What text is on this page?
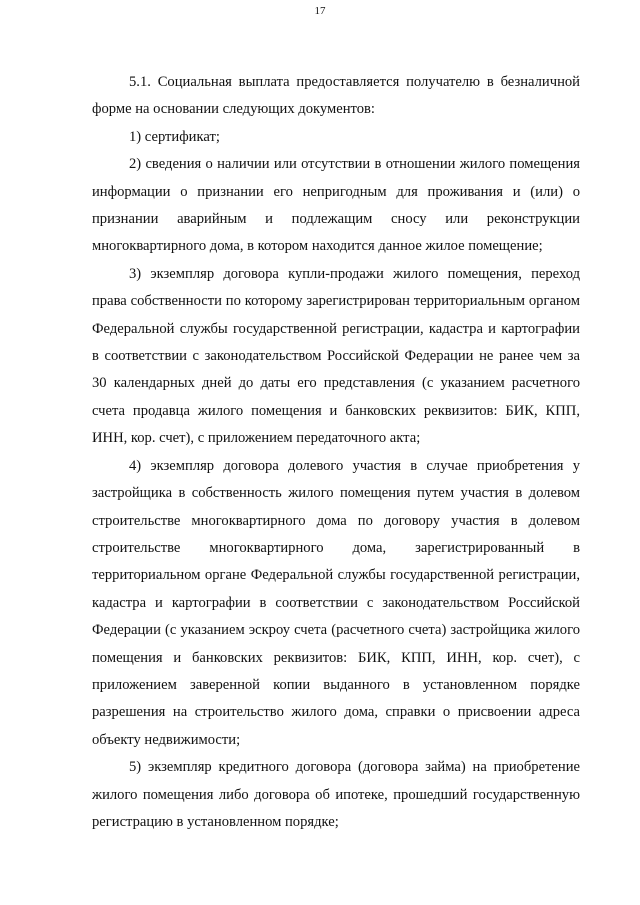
17

5.1. Социальная выплата предоставляется получателю в безналичной форме на основании следующих документов:

1) сертификат;

2) сведения о наличии или отсутствии в отношении жилого помещения информации о признании его непригодным для проживания и (или) о признании аварийным и подлежащим сносу или реконструкции многоквартирного дома, в котором находится данное жилое помещение;

3) экземпляр договора купли-продажи жилого помещения, переход права собственности по которому зарегистрирован территориальным органом Федеральной службы государственной регистрации, кадастра и картографии в соответствии с законодательством Российской Федерации не ранее чем за 30 календарных дней до даты его представления (с указанием расчетного счета продавца жилого помещения и банковских реквизитов: БИК, КПП, ИНН, кор. счет), с приложением передаточного акта;

4) экземпляр договора долевого участия в случае приобретения у застройщика в собственность жилого помещения путем участия в долевом строительстве многоквартирного дома по договору участия в долевом строительстве многоквартирного дома, зарегистрированный в территориальном органе Федеральной службы государственной регистрации, кадастра и картографии в соответствии с законодательством Российской Федерации (с указанием эскроу счета (расчетного счета) застройщика жилого помещения и банковских реквизитов: БИК, КПП, ИНН, кор. счет), с приложением заверенной копии выданного в установленном порядке разрешения на строительство жилого дома, справки о присвоении адреса объекту недвижимости;

5) экземпляр кредитного договора (договора займа) на приобретение жилого помещения либо договора об ипотеке, прошедший государственную регистрацию в установленном порядке;
